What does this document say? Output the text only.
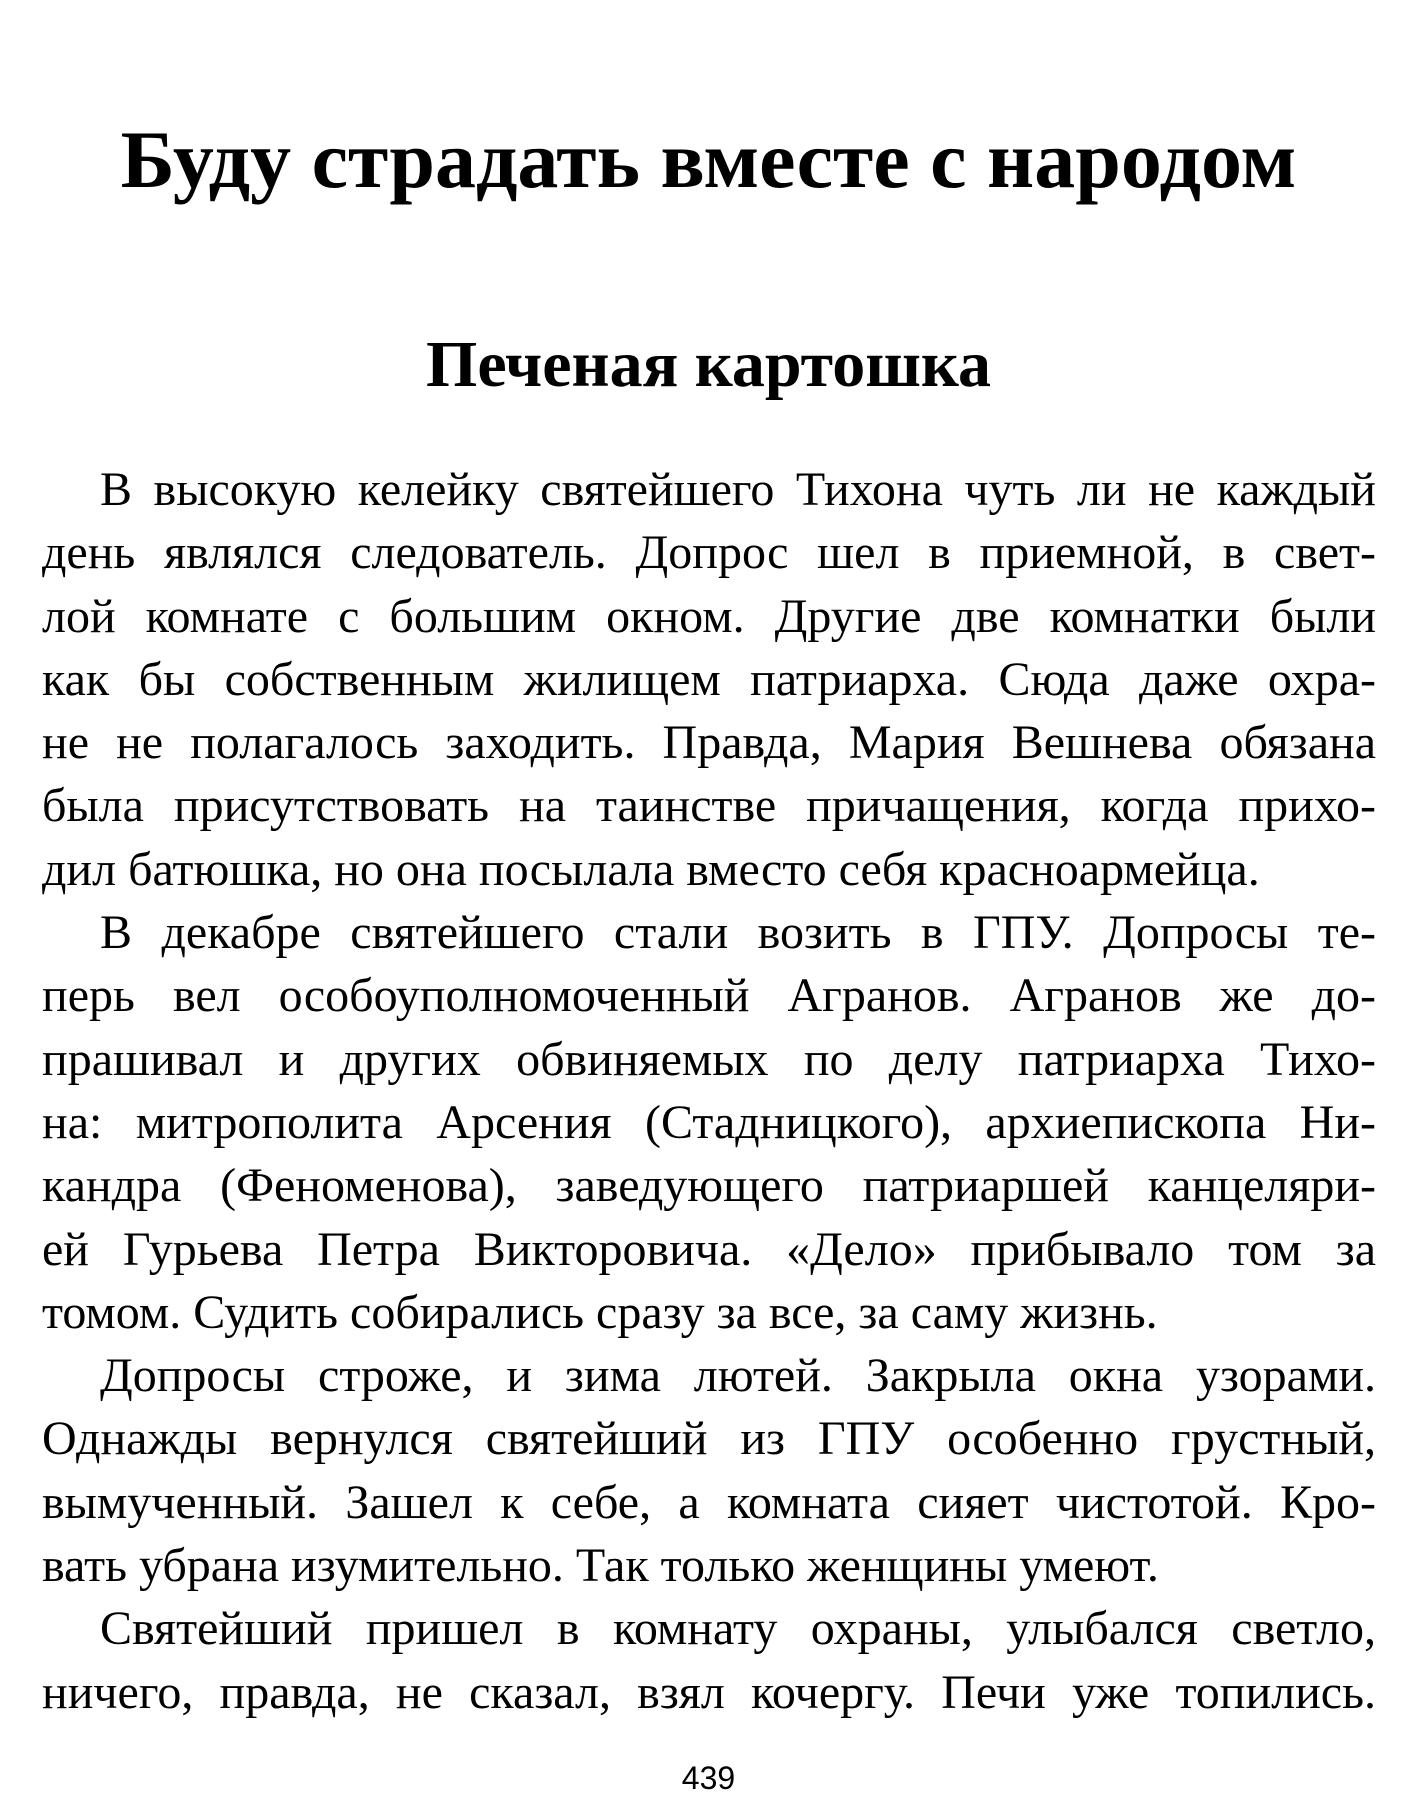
Буду страдать вместе с народом
Печеная картошка

В высокую келейку святейшего Тихона чуть ли не каждый
день являлся следователь. Допрос шел в приемной, в свет-
лой комнате с большим окном. Другие две комнатки были
как бы собственным жилищем патриарха. Сюда даже охра-
не не полагалось заходить. Правда, Мария Вешнева обязана
была присутствовать на таинстве причащения, когда прихо-
дил батюшка, но она посылала вместо себя красноармейца.

В декабре святейшего стали возить в ГПУ. Допросы те-
перь вел особоуполномоченный Агранов. Агранов же до-
прашивал и других обвиняемых по делу патриарха Тихо-
на: митрополита Арсения (Стадницкого), архиепископа Ни-
кандра (Феноменова), заведующего патриаршей канцеляри-
ей Гурьева Петра Викторовича. «Дело» прибывало том за
томом. Судить собирались сразу за все, за саму жизнь.

Допросы строже, и зима лютей. Закрыла окна узорами.
Однажды вернулся святейший из ГПУ особенно грустный,
вымученный. Зашел к себе, а комната сияет чистотой. Кро-
вать убрана изумительно. Так только женщины умеют.

Святейший пришел в комнату охраны, улыбался светло,
ничего, правда, не сказал, взял кочергу. Печи уже топились.

439
